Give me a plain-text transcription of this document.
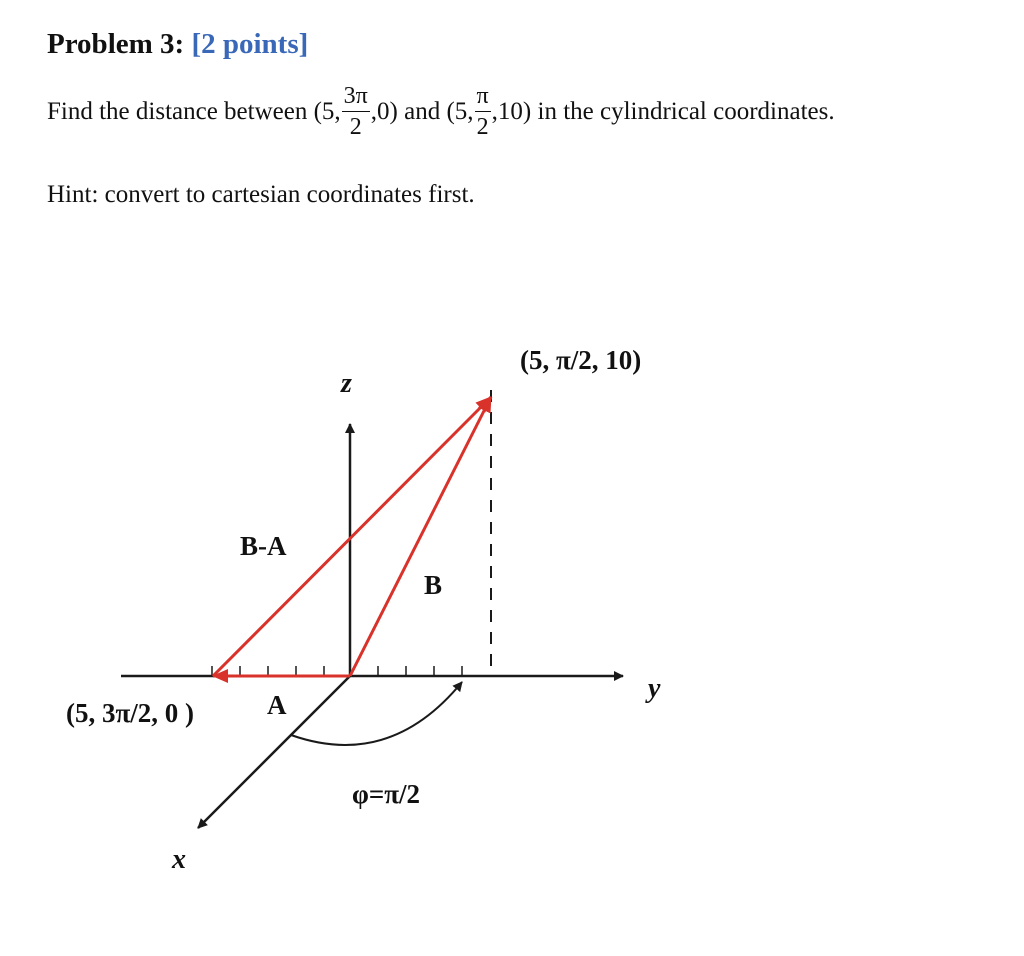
Problem 3: [2 points]
Find the distance between (5, $\frac{3\pi}{2} ,0$) and (5, $\frac{\pi}{2} ,10$) in the cylindrical coordinates.
Hint: convert to cartesian coordinates first.
z
y
x
(5, π/2, 10)
(5, 3π/2, 0 )	A
B
B-A
φ=π/2
